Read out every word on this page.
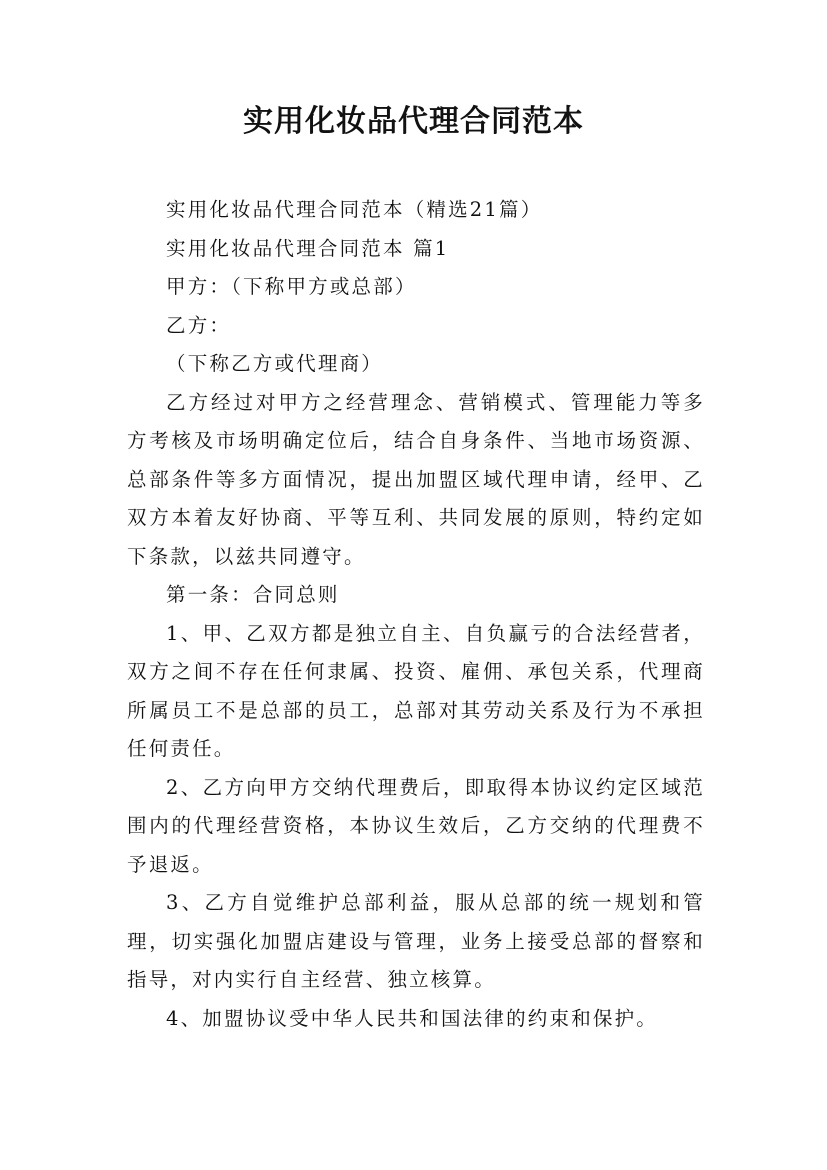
实用化妆品代理合同范本

实用化妆品代理合同范本（精选21篇）

实用化妆品代理合同范本 篇1

甲方：（下称甲方或总部）

乙方：

（下称乙方或代理商）

乙方经过对甲方之经营理念、营销模式、管理能力等多方考核及市场明确定位后，结合自身条件、当地市场资源、总部条件等多方面情况，提出加盟区域代理申请，经甲、乙双方本着友好协商、平等互利、共同发展的原则，特约定如下条款，以兹共同遵守。

第一条：合同总则

1、甲、乙双方都是独立自主、自负赢亏的合法经营者，双方之间不存在任何隶属、投资、雇佣、承包关系，代理商所属员工不是总部的员工，总部对其劳动关系及行为不承担任何责任。

2、乙方向甲方交纳代理费后，即取得本协议约定区域范围内的代理经营资格，本协议生效后，乙方交纳的代理费不予退返。

3、乙方自觉维护总部利益，服从总部的统一规划和管理，切实强化加盟店建设与管理，业务上接受总部的督察和指导，对内实行自主经营、独立核算。

4、加盟协议受中华人民共和国法律的约束和保护。
